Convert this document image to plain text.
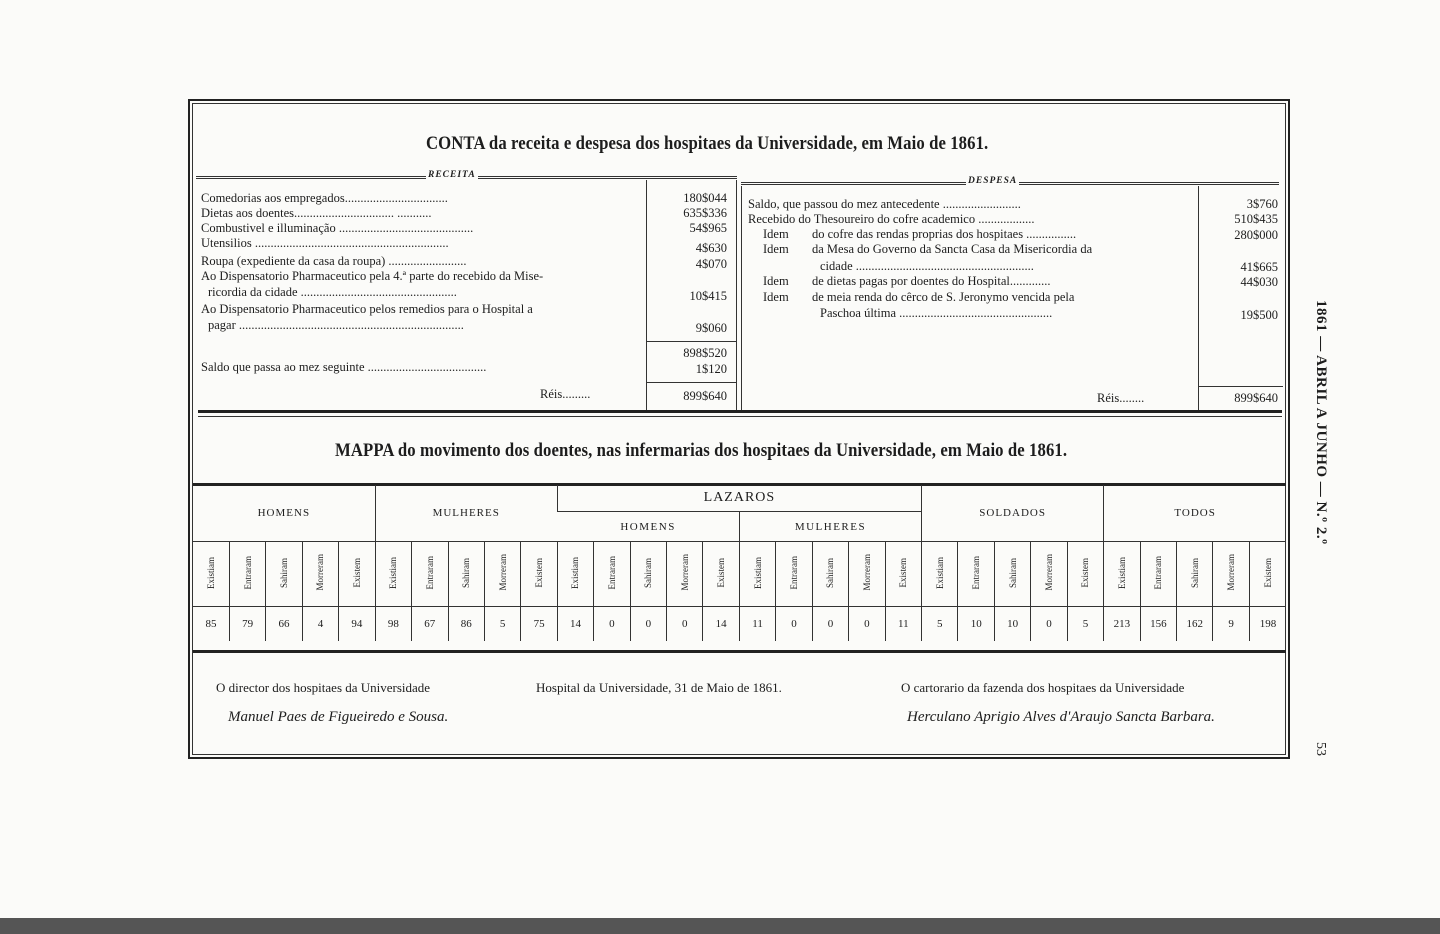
CONTA da receita e despesa dos hospitaes da Universidade, em Maio de 1861.
RECEITA
DESPESA
Comedorias aos empregados.................................	180$044
Dietas aos doentes................................ ...........	635$336
Combustivel e illuminação ...........................................	54$965
Utensilios ..............................................................	4$630
Roupa (expediente da casa da roupa) .........................	4$070
Ao Dispensatorio Pharmaceutico pela 4.ª parte do recebido da Mise-
ricordia da cidade ..................................................	10$415
Ao Dispensatorio Pharmaceutico pelos remedios para o Hospital a
pagar ........................................................................	9$060
898$520
Saldo que passa ao mez seguinte ......................................	1$120
Réis.........	899$640
Saldo, que passou do mez antecedente .........................	3$760
Recebido do Thesoureiro do cofre academico ..................	510$435
Idem do cofre das rendas proprias dos hospitaes ................	280$000
Idem da Mesa do Governo da Sancta Casa da Misericordia da
cidade .........................................................	41$665
Idem de dietas pagas por doentes do Hospital.............	44$030
Idem de meia renda do cêrco de S. Jeronymo vencida pela
Paschoa última .................................................	19$500
Réis........	899$640
MAPPA do movimento dos doentes, nas infermarias dos hospitaes da Universidade, em Maio de 1861.
HOMENS					MULHERES					LAZAROS										SOLDADOS					TODOS				
										HOMENS					MULHERES														
Existiam	Entraram	Sahiram	Morreram	Existem	Existiam	Entraram	Sahiram	Morreram	Existem	Existiam	Entraram	Sahiram	Morreram	Existem	Existiam	Entraram	Sahiram	Morreram	Existem	Existiam	Entraram	Sahiram	Morreram	Existem	Existiam	Entraram	Sahiram	Morreram	Existem
85	79	66	4	94	98	67	86	5	75	14	0	0	0	14	11	0	0	0	11	5	10	10	0	5	213	156	162	9	198
O director dos hospitaes da Universidade	Hospital da Universidade, 31 de Maio de 1861.	O cartorario da fazenda dos hospitaes da Universidade
Manuel Paes de Figueiredo e Sousa.	Herculano Aprigio Alves d'Araujo Sancta Barbara.
1861 — ABRIL A JUNHO — N.º 2.º
53
